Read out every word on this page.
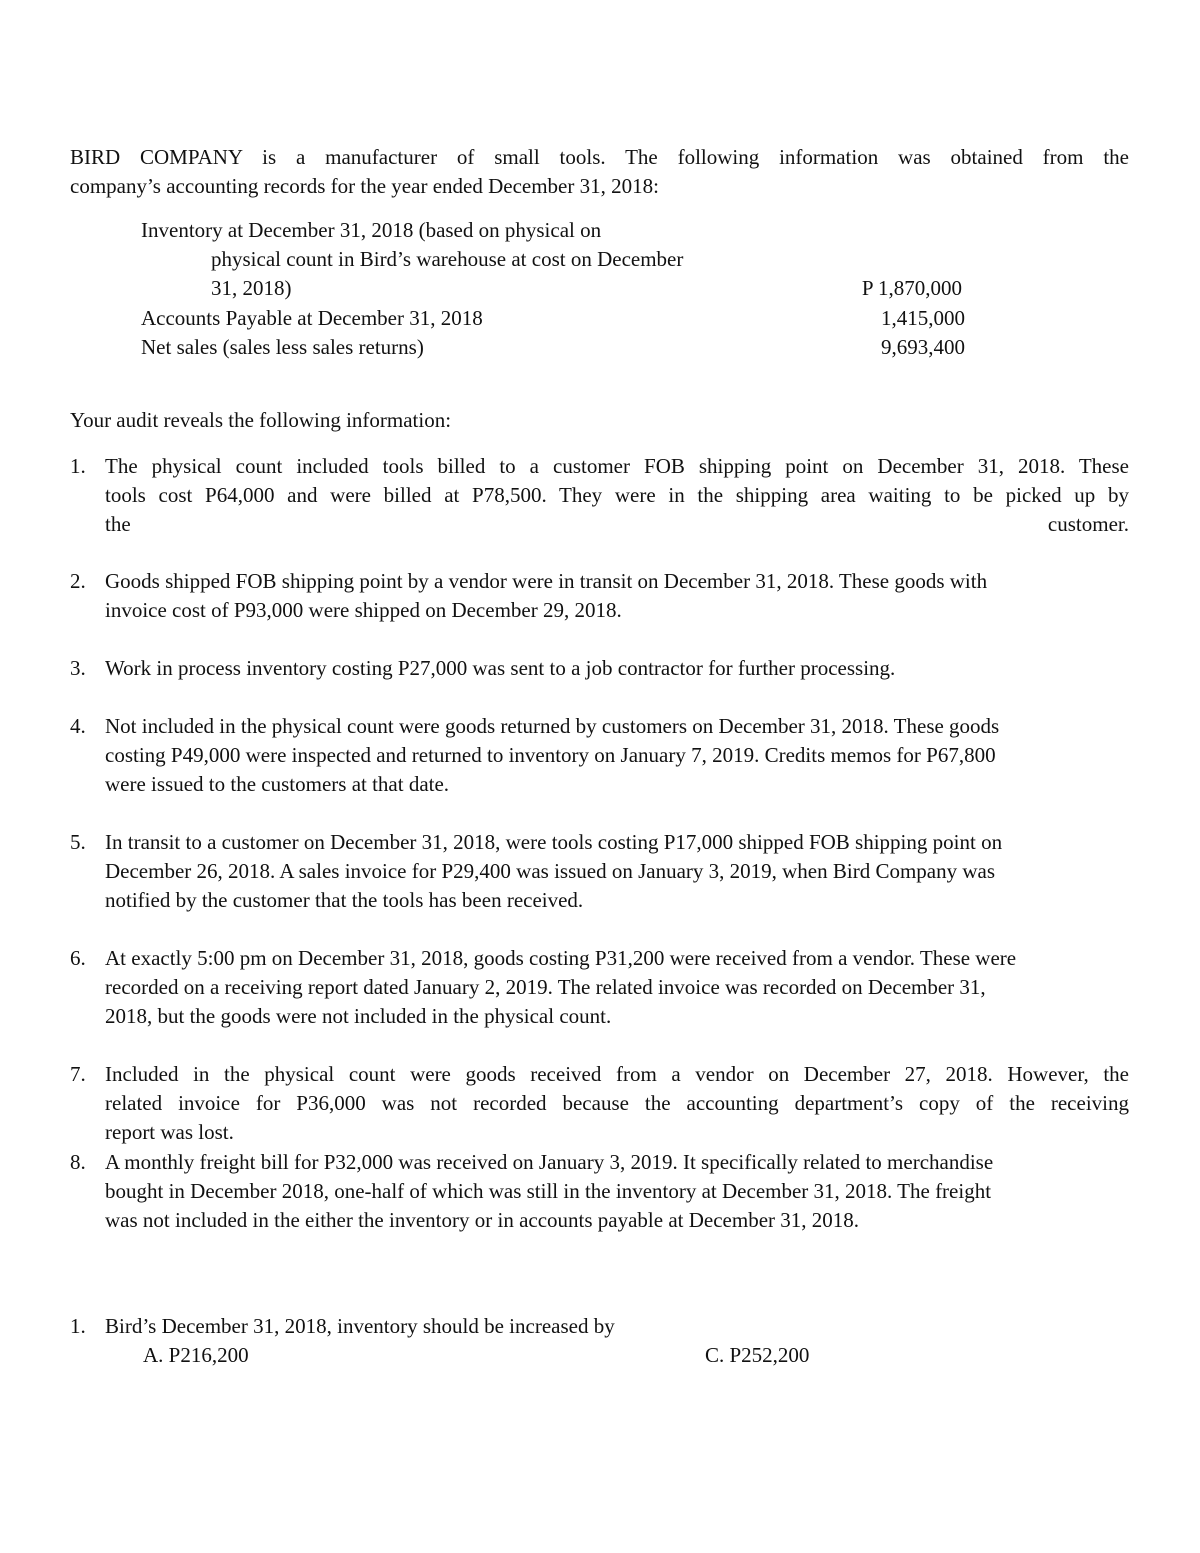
BIRD COMPANY is a manufacturer of small tools. The following information was obtained from the
company’s accounting records for the year ended December 31, 2018:
Inventory at December 31, 2018 (based on physical on
physical count in Bird’s warehouse at cost on December
31, 2018)	P 1,870,000
Accounts Payable at December 31, 2018	1,415,000
Net sales (sales less sales returns)	9,693,400
Your audit reveals the following information:
1. The physical count included tools billed to a customer FOB shipping point on December 31, 2018. These
tools cost P64,000 and were billed at P78,500. They were in the shipping area waiting to be picked up by
the customer.
2. Goods shipped FOB shipping point by a vendor were in transit on December 31, 2018. These goods with
invoice cost of P93,000 were shipped on December 29, 2018.
3. Work in process inventory costing P27,000 was sent to a job contractor for further processing.
4. Not included in the physical count were goods returned by customers on December 31, 2018. These goods
costing P49,000 were inspected and returned to inventory on January 7, 2019. Credits memos for P67,800
were issued to the customers at that date.
5. In transit to a customer on December 31, 2018, were tools costing P17,000 shipped FOB shipping point on
December 26, 2018. A sales invoice for P29,400 was issued on January 3, 2019, when Bird Company was
notified by the customer that the tools has been received.
6. At exactly 5:00 pm on December 31, 2018, goods costing P31,200 were received from a vendor. These were
recorded on a receiving report dated January 2, 2019. The related invoice was recorded on December 31,
2018, but the goods were not included in the physical count.
7. Included in the physical count were goods received from a vendor on December 27, 2018. However, the
related invoice for P36,000 was not recorded because the accounting department’s copy of the receiving
report was lost.
8. A monthly freight bill for P32,000 was received on January 3, 2019. It specifically related to merchandise
bought in December 2018, one-half of which was still in the inventory at December 31, 2018. The freight
was not included in the either the inventory or in accounts payable at December 31, 2018.
1. Bird’s December 31, 2018, inventory should be increased by
A. P216,200	C. P252,200
